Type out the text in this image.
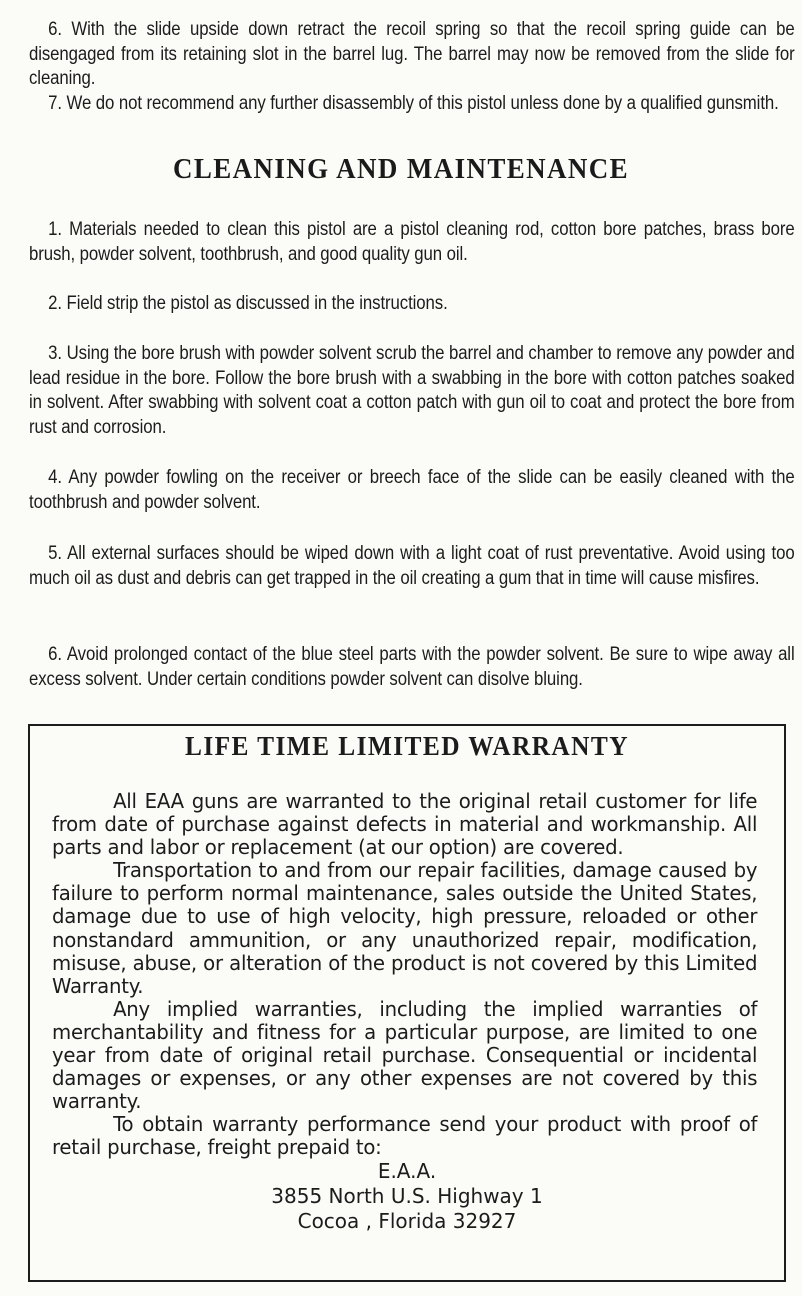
6. With the slide upside down retract the recoil spring so that the recoil spring guide can be disengaged from its retaining slot in the barrel lug. The barrel may now be removed from the slide for cleaning.

7. We do not recommend any further disassembly of this pistol unless done by a qualified gunsmith.

CLEANING AND MAINTENANCE

1. Materials needed to clean this pistol are a pistol cleaning rod, cotton bore patches, brass bore brush, powder solvent, toothbrush, and good quality gun oil.

2. Field strip the pistol as discussed in the instructions.

3. Using the bore brush with powder solvent scrub the barrel and chamber to remove any powder and lead residue in the bore. Follow the bore brush with a swabbing in the bore with cotton patches soaked in solvent. After swabbing with solvent coat a cotton patch with gun oil to coat and protect the bore from rust and corrosion.

4. Any powder fowling on the receiver or breech face of the slide can be easily cleaned with the toothbrush and powder solvent.

5. All external surfaces should be wiped down with a light coat of rust preventative. Avoid using too much oil as dust and debris can get trapped in the oil creating a gum that in time will cause misfires.

6. Avoid prolonged contact of the blue steel parts with the powder solvent. Be sure to wipe away all excess solvent. Under certain conditions powder solvent can disolve bluing.

LIFE TIME LIMITED WARRANTY

All EAA guns are warranted to the original retail customer for life from date of purchase against defects in material and workmanship. All parts and labor or replacement (at our option) are covered.

Transportation to and from our repair facilities, damage caused by failure to perform normal maintenance, sales outside the United States, damage due to use of high velocity, high pressure, reloaded or other nonstandard ammunition, or any unauthorized repair, modification, misuse, abuse, or alteration of the product is not covered by this Limited Warranty.

Any implied warranties, including the implied warranties of merchantability and fitness for a particular purpose, are limited to one year from date of original retail purchase. Consequential or incidental damages or expenses, or any other expenses are not covered by this warranty.

To obtain warranty performance send your product with proof of retail purchase, freight prepaid to:

E.A.A.
3855 North U.S. Highway 1
Cocoa , Florida 32927
